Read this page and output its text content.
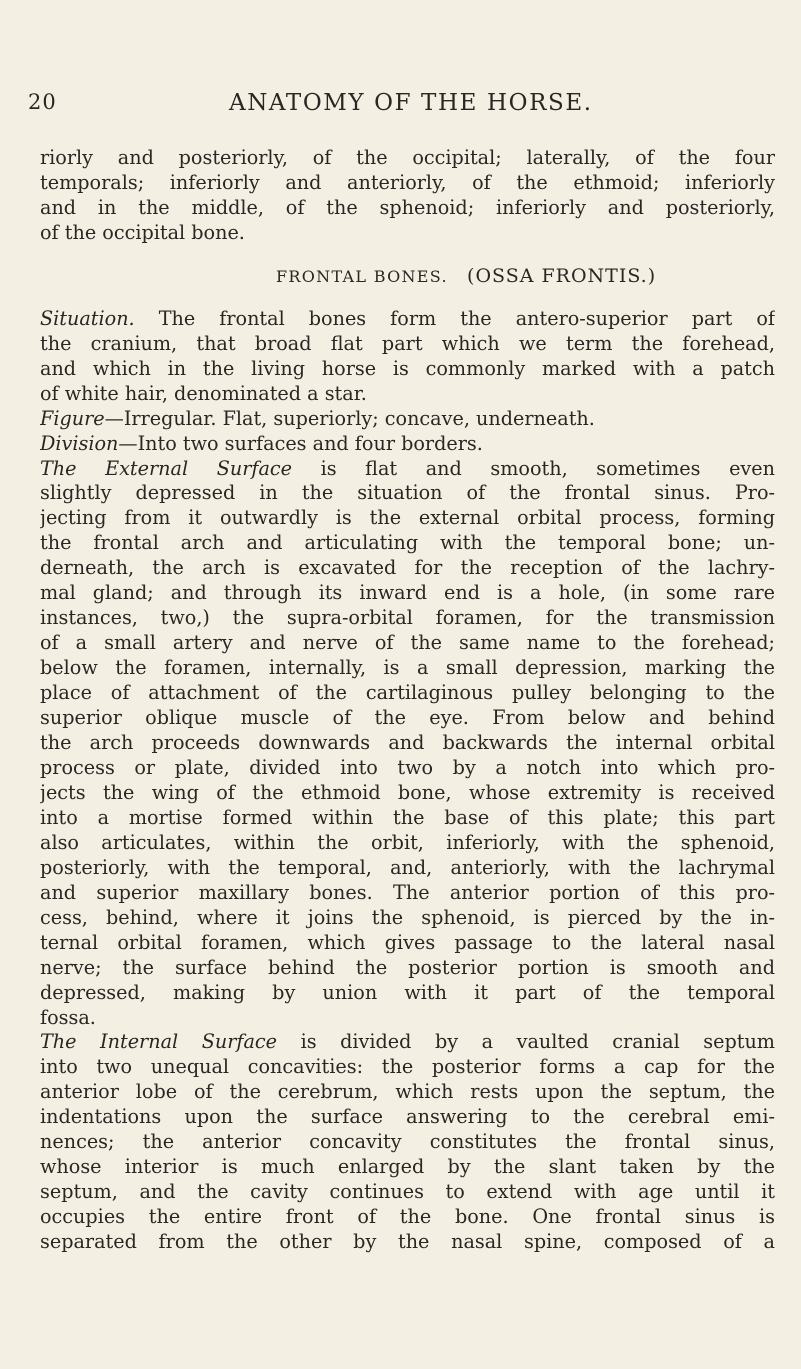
20	ANATOMY OF THE HORSE.

riorly and posteriorly, of the occipital; laterally, of the four

temporals; inferiorly and anteriorly, of the ethmoid; inferiorly

and in the middle, of the sphenoid; inferiorly and posteriorly,

of the occipital bone.

FRONTAL BONES. (OSSA FRONTIS.)

Situation. The frontal bones form the antero-superior part of

the cranium, that broad flat part which we term the forehead,

and which in the living horse is commonly marked with a patch

of white hair, denominated a star.

Figure—Irregular. Flat, superiorly; concave, underneath.

Division—Into two surfaces and four borders.

The External Surface is flat and smooth, sometimes even

slightly depressed in the situation of the frontal sinus. Pro-

jecting from it outwardly is the external orbital process, forming

the frontal arch and articulating with the temporal bone; un-

derneath, the arch is excavated for the reception of the lachry-

mal gland; and through its inward end is a hole, (in some rare

instances, two,) the supra-orbital foramen, for the transmission

of a small artery and nerve of the same name to the forehead;

below the foramen, internally, is a small depression, marking the

place of attachment of the cartilaginous pulley belonging to the

superior oblique muscle of the eye. From below and behind

the arch proceeds downwards and backwards the internal orbital

process or plate, divided into two by a notch into which pro-

jects the wing of the ethmoid bone, whose extremity is received

into a mortise formed within the base of this plate; this part

also articulates, within the orbit, inferiorly, with the sphenoid,

posteriorly, with the temporal, and, anteriorly, with the lachrymal

and superior maxillary bones. The anterior portion of this pro-

cess, behind, where it joins the sphenoid, is pierced by the in-

ternal orbital foramen, which gives passage to the lateral nasal

nerve; the surface behind the posterior portion is smooth and

depressed, making by union with it part of the temporal

fossa.

The Internal Surface is divided by a vaulted cranial septum

into two unequal concavities: the posterior forms a cap for the

anterior lobe of the cerebrum, which rests upon the septum, the

indentations upon the surface answering to the cerebral emi-

nences; the anterior concavity constitutes the frontal sinus,

whose interior is much enlarged by the slant taken by the

septum, and the cavity continues to extend with age until it

occupies the entire front of the bone. One frontal sinus is

separated from the other by the nasal spine, composed of a
